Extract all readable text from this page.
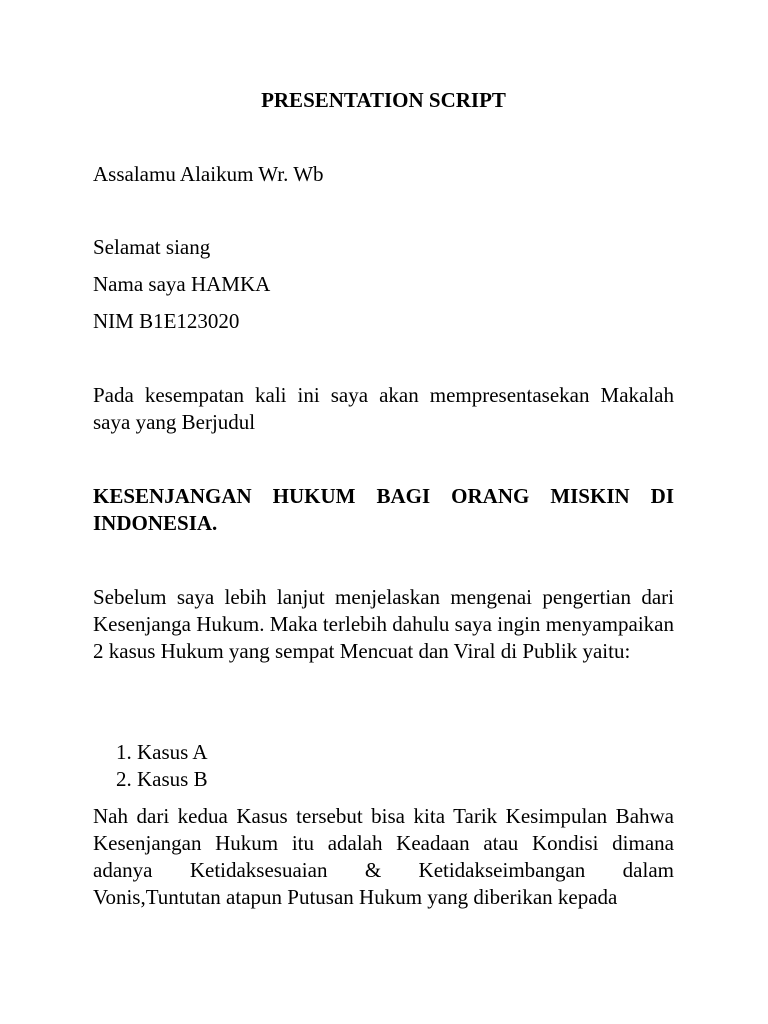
PRESENTATION SCRIPT

Assalamu Alaikum Wr. Wb

Selamat siang

Nama saya HAMKA

NIM B1E123020

Pada kesempatan kali ini saya akan mempresentasekan Makalah saya yang Berjudul

KESENJANGAN HUKUM BAGI ORANG MISKIN DI INDONESIA.

Sebelum saya lebih lanjut menjelaskan mengenai pengertian dari Kesenjanga Hukum. Maka terlebih dahulu saya ingin menyampaikan 2 kasus Hukum yang sempat Mencuat dan Viral di Publik yaitu:

1. Kasus A
2. Kasus B

Nah dari kedua Kasus tersebut bisa kita Tarik Kesimpulan Bahwa Kesenjangan Hukum itu adalah Keadaan atau Kondisi dimana adanya Ketidaksesuaian & Ketidakseimbangan dalam Vonis,Tuntutan atapun Putusan Hukum yang diberikan kepada
